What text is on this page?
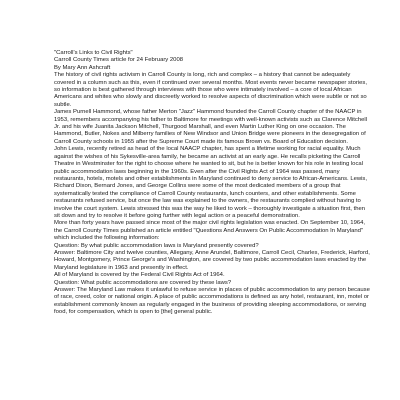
"Carroll's Links to Civil Rights"
Carroll County Times article for 24 February 2008
By Mary Ann Ashcraft

The history of civil rights activism in Carroll County is long, rich and complex – a history that cannot be adequately covered in a column such as this, even if continued over several months. Most events never became newspaper stories, so information is best gathered through interviews with those who were intimately involved – a core of local African Americans and whites who slowly and discreetly worked to resolve aspects of discrimination which were subtle or not so subtle.

James Purnell Hammond, whose father Merton "Jazz" Hammond founded the Carroll County chapter of the NAACP in 1953, remembers accompanying his father to Baltimore for meetings with well-known activists such as Clarence Mitchell Jr. and his wife Juanita Jackson Mitchell, Thurgood Marshall, and even Martin Luther King on one occasion. The Hammond, Butler, Nokes and Milberry families of New Windsor and Union Bridge were pioneers in the desegregation of Carroll County schools in 1955 after the Supreme Court made its famous Brown vs. Board of Education decision.

John Lewis, recently retired as head of the local NAACP chapter, has spent a lifetime working for racial equality. Much against the wishes of his Sykesville-area family, he became an activist at an early age. He recalls picketing the Carroll Theatre in Westminster for the right to choose where he wanted to sit, but he is better known for his role in testing local public accommodation laws beginning in the 1960s. Even after the Civil Rights Act of 1964 was passed, many restaurants, hotels, motels and other establishments in Maryland continued to deny service to African-Americans. Lewis, Richard Dixon, Bernard Jones, and George Collins were some of the most dedicated members of a group that systematically tested the compliance of Carroll County restaurants, lunch counters, and other establishments. Some restaurants refused service, but once the law was explained to the owners, the restaurants complied without having to involve the court system. Lewis stressed this was the way he liked to work – thoroughly investigate a situation first, then sit down and try to resolve it before going further with legal action or a peaceful demonstration.

More than forty years have passed since most of the major civil rights legislation was enacted. On September 10, 1964, the Carroll County Times published an article entitled "Questions And Answers On Public Accommodation In Maryland" which included the following information:

Question: By what public accommodation laws is Maryland presently covered?

Answer: Baltimore City and twelve counties, Allegany, Anne Arundel, Baltimore, Carroll Cecil, Charles, Frederick, Harford, Howard, Montgomery, Prince George's and Washington, are covered by two public accommodation laws enacted by the Maryland legislature in 1963 and presently in effect.

All of Maryland is covered by the Federal Civil Rights Act of 1964.

Question: What public accommodations are covered by these laws?

Answer: The Maryland Law makes it unlawful to refuse service in places of public accommodation to any person because of race, creed, color or national origin. A place of public accommodations is defined as any hotel, restaurant, inn, motel or establishment commonly known as regularly engaged in the business of providing sleeping accommodations, or serving food, for compensation, which is open to [the] general public.
